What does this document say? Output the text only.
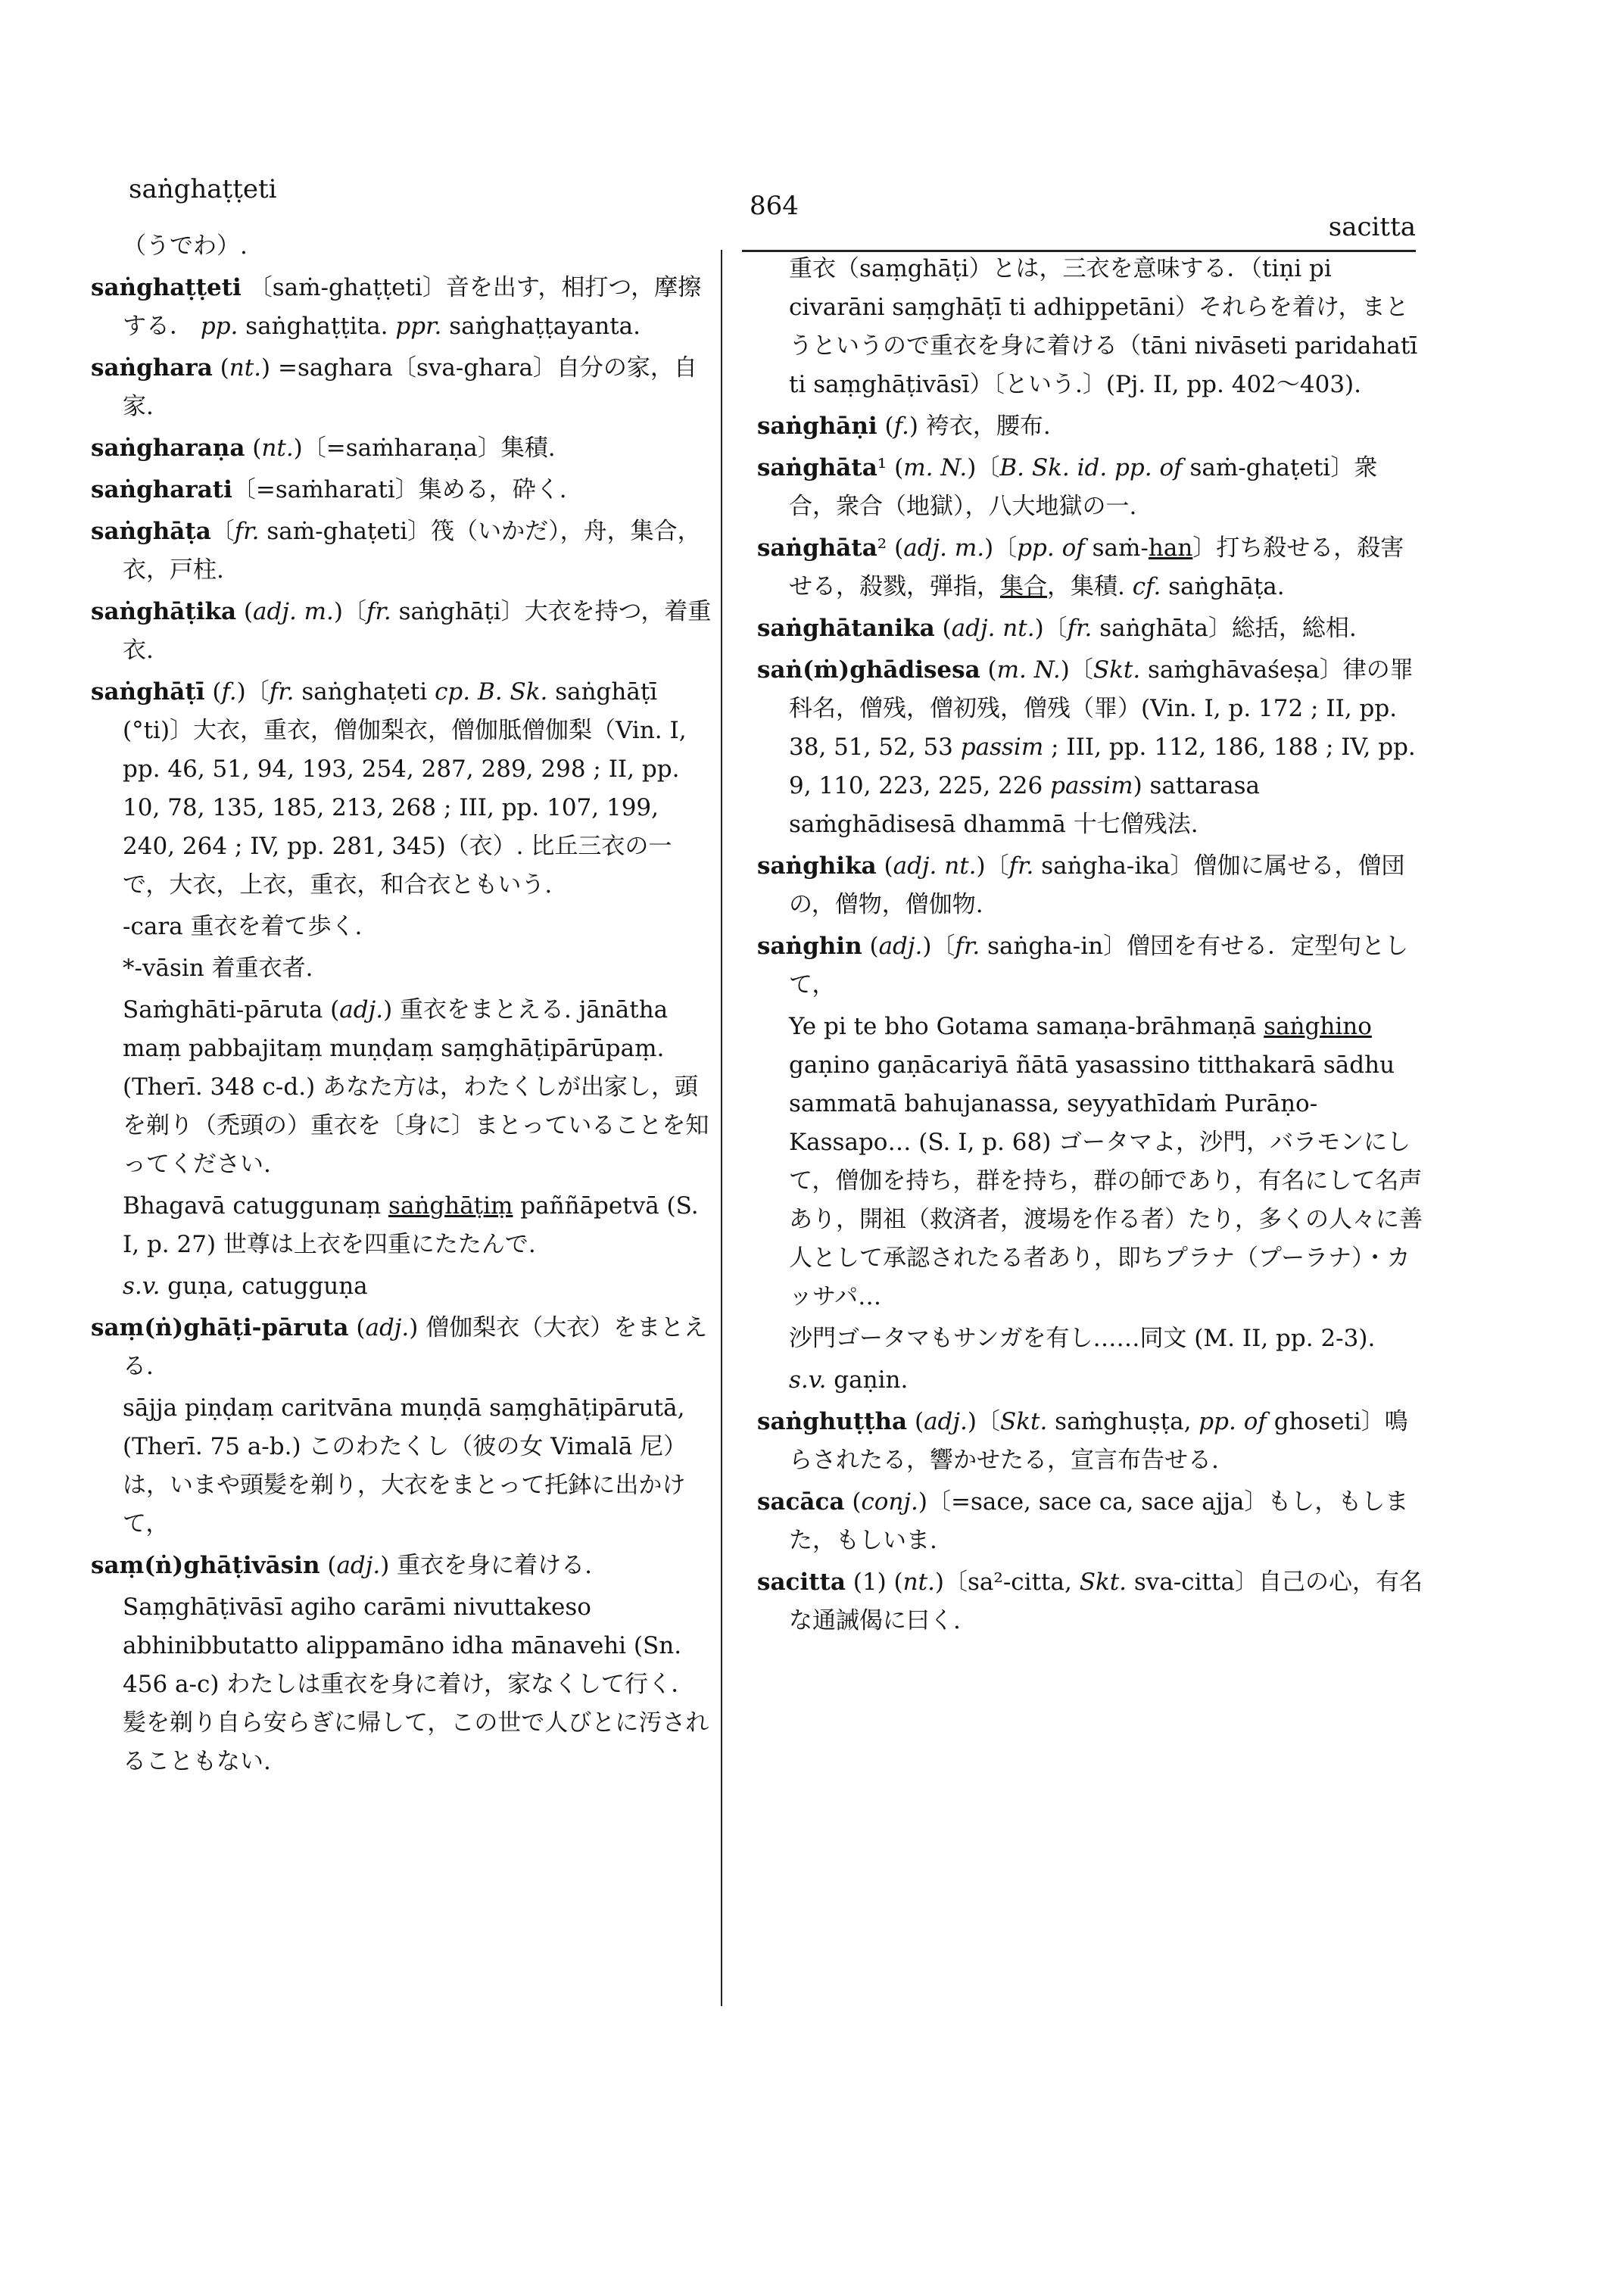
saṅghaṭṭeti
864
sacitta

（うでわ）.

saṅghaṭṭeti 〔saṁ-ghaṭṭeti〕音を出す，相打つ，摩擦する． pp. saṅghaṭṭita. ppr. saṅghaṭṭayanta.

saṅghara (nt.) =saghara〔sva-ghara〕自分の家，自家.

saṅgharaṇa (nt.)〔=saṁharaṇa〕集積.

saṅgharati〔=saṁharati〕集める，砕く.

saṅghāṭa〔fr. saṁ-ghaṭeti〕筏（いかだ），舟，集合，衣，戸柱.

saṅghāṭika (adj. m.)〔fr. saṅghāṭi〕大衣を持つ，着重衣.

saṅghāṭī (f.)〔fr. saṅghaṭeti cp. B. Sk. saṅghāṭī (°ti)〕大衣，重衣，僧伽梨衣，僧伽胝僧伽梨（Vin. I, pp. 46, 51, 94, 193, 254, 287, 289, 298 ; II, pp. 10, 78, 135, 185, 213, 268 ; III, pp. 107, 199, 240, 264 ; IV, pp. 281, 345)（衣）. 比丘三衣の一で，大衣，上衣，重衣，和合衣ともいう.

-cara 重衣を着て歩く.

*-vāsin 着重衣者.

Saṁghāti-pāruta (adj.) 重衣をまとえる. jānātha maṃ pabbajitaṃ muṇḍaṃ saṃghāṭipārūpaṃ. (Therī. 348 c-d.) あなた方は，わたくしが出家し，頭を剃り（禿頭の）重衣を〔身に〕まとっていることを知ってください.

Bhagavā catuggunaṃ saṅghāṭiṃ paññāpetvā (S. I, p. 27) 世尊は上衣を四重にたたんで.

s.v. guṇa, catugguṇa

saṃ(ṅ)ghāṭi-pāruta (adj.) 僧伽梨衣（大衣）をまとえる.

sājja piṇḍaṃ caritvāna muṇḍā saṃghāṭipārutā, (Therī. 75 a-b.) このわたくし（彼の女 Vimalā 尼）は，いまや頭髪を剃り，大衣をまとって托鉢に出かけて，

saṃ(ṅ)ghāṭivāsin (adj.) 重衣を身に着ける.

Saṃghāṭivāsī agiho carāmi nivuttakeso abhinibbutatto alippamāno idha mānavehi (Sn. 456 a-c) わたしは重衣を身に着け，家なくして行く．髪を剃り自ら安らぎに帰して，この世で人びとに汚されることもない.

重衣（saṃghāṭi）とは，三衣を意味する．（tiṇi pi civarāni saṃghāṭī ti adhippetāni）それらを着け，まとうというので重衣を身に着ける（tāni nivāseti paridahatī ti saṃghāṭivāsī）〔という.〕(Pj. II, pp. 402～403).

saṅghāṇi (f.) 袴衣，腰布.

saṅghāta¹ (m. N.)〔B. Sk. id. pp. of saṁ-ghaṭeti〕衆合，衆合（地獄），八大地獄の一.

saṅghāta² (adj. m.)〔pp. of saṁ-han〕打ち殺せる，殺害せる，殺戮，弾指，集合，集積. cf. saṅghāṭa.

saṅghātanika (adj. nt.)〔fr. saṅghāta〕総括，総相.

saṅ(ṁ)ghādisesa (m. N.)〔Skt. saṁghāvaśeṣa〕律の罪科名，僧残，僧初残，僧残（罪）(Vin. I, p. 172 ; II, pp. 38, 51, 52, 53 passim ; III, pp. 112, 186, 188 ; IV, pp. 9, 110, 223, 225, 226 passim) sattarasa saṁghādisesā dhammā 十七僧残法.

saṅghika (adj. nt.)〔fr. saṅgha-ika〕僧伽に属せる，僧団の，僧物，僧伽物.

saṅghin (adj.)〔fr. saṅgha-in〕僧団を有せる．定型句として，

Ye pi te bho Gotama samaṇa-brāhmaṇā saṅghino gaṇino gaṇācariyā ñātā yasassino titthakarā sādhu sammatā bahujanassa, seyyathīdaṁ Purāṇo-Kassapo… (S. I, p. 68) ゴータマよ，沙門，バラモンにして，僧伽を持ち，群を持ち，群の師であり，有名にして名声あり，開祖（救済者，渡場を作る者）たり，多くの人々に善人として承認されたる者あり，即ちプラナ（プーラナ）・カッサパ…

沙門ゴータマもサンガを有し……同文 (M. II, pp. 2-3).

s.v. gaṇin.

saṅghuṭṭha (adj.)〔Skt. saṁghuṣṭa, pp. of ghoseti〕鳴らされたる，響かせたる，宣言布告せる.

sacāca (conj.)〔=sace, sace ca, sace ajja〕もし，もしまた，もしいま.

sacitta (1) (nt.)〔sa²-citta, Skt. sva-citta〕自己の心，有名な通誡偈に曰く.
